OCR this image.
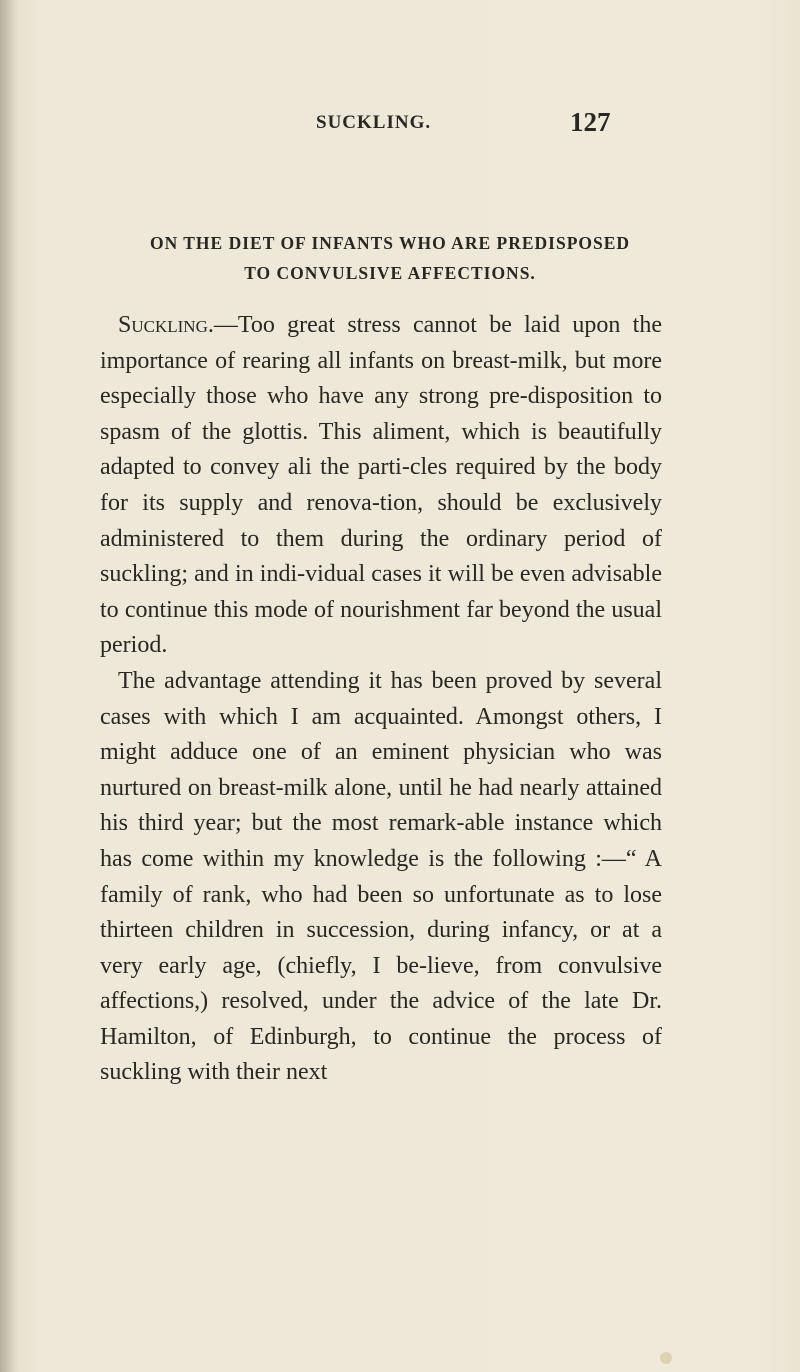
SUCKLING.	127
ON THE DIET OF INFANTS WHO ARE PREDISPOSED
TO CONVULSIVE AFFECTIONS.

Suckling.—Too great stress cannot be laid upon the importance of rearing all infants on breast-milk, but more especially those who have any strong pre-disposition to spasm of the glottis. This aliment, which is beautifully adapted to convey ali the parti-cles required by the body for its supply and renova-tion, should be exclusively administered to them during the ordinary period of suckling; and in indi-vidual cases it will be even advisable to continue this mode of nourishment far beyond the usual period.

The advantage attending it has been proved by several cases with which I am acquainted. Amongst others, I might adduce one of an eminent physician who was nurtured on breast-milk alone, until he had nearly attained his third year; but the most remark-able instance which has come within my knowledge is the following :—“ A family of rank, who had been so unfortunate as to lose thirteen children in succession, during infancy, or at a very early age, (chiefly, I be-lieve, from convulsive affections,) resolved, under the advice of the late Dr. Hamilton, of Edinburgh, to continue the process of suckling with their next
